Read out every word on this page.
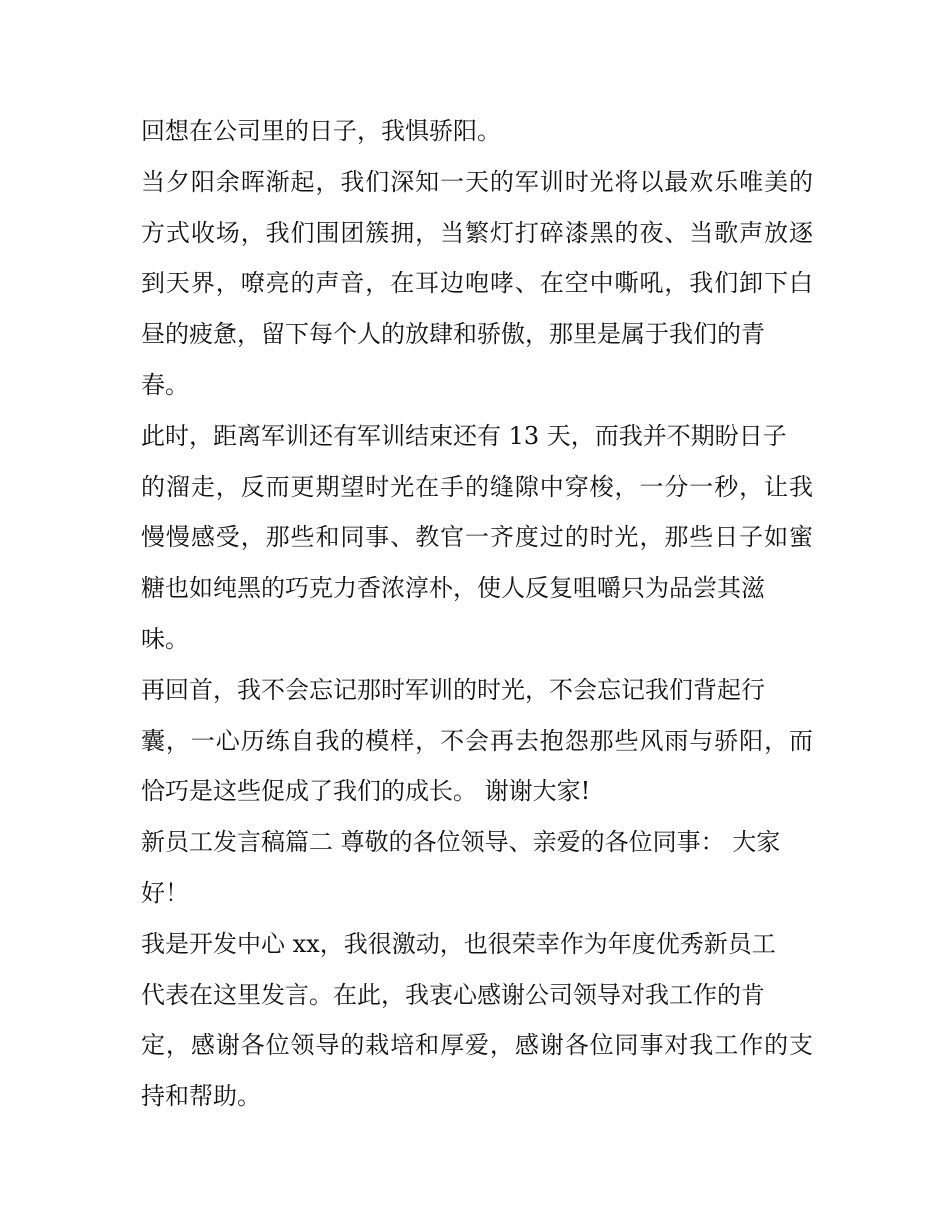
回想在公司里的日子，我惧骄阳。
当夕阳余晖渐起，我们深知一天的军训时光将以最欢乐唯美的
方式收场，我们围团簇拥，当繁灯打碎漆黑的夜、当歌声放逐
到天界，嘹亮的声音，在耳边咆哮、在空中嘶吼，我们卸下白
昼的疲惫，留下每个人的放肆和骄傲，那里是属于我们的青
春。
此时，距离军训还有军训结束还有 13 天，而我并不期盼日子
的溜走，反而更期望时光在手的缝隙中穿梭，一分一秒，让我
慢慢感受，那些和同事、教官一齐度过的时光，那些日子如蜜
糖也如纯黑的巧克力香浓淳朴，使人反复咀嚼只为品尝其滋
味。
再回首，我不会忘记那时军训的时光，不会忘记我们背起行
囊，一心历练自我的模样，不会再去抱怨那些风雨与骄阳，而
恰巧是这些促成了我们的成长。 谢谢大家!
新员工发言稿篇二 尊敬的各位领导、亲爱的各位同事： 大家
好！
我是开发中心 xx，我很激动，也很荣幸作为年度优秀新员工
代表在这里发言。在此，我衷心感谢公司领导对我工作的肯
定，感谢各位领导的栽培和厚爱，感谢各位同事对我工作的支
持和帮助。
